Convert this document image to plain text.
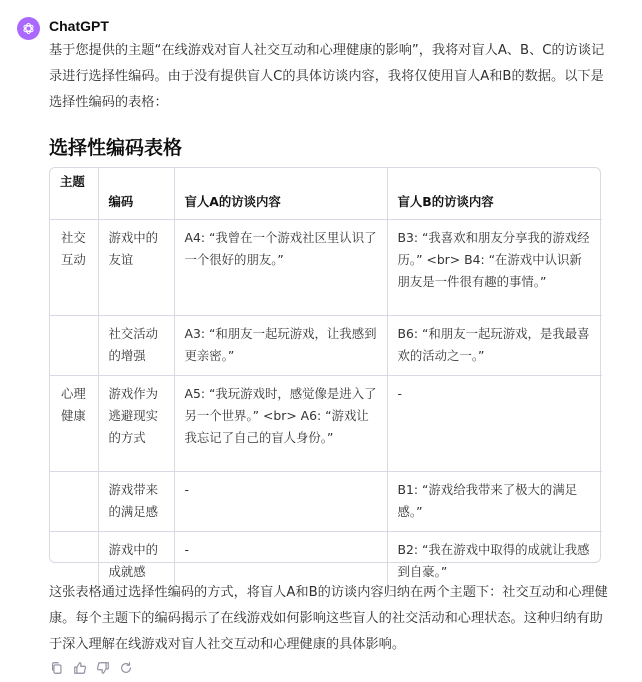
ChatGPT
基于您提供的主题“在线游戏对盲人社交互动和心理健康的影响”，我将对盲人A、B、C的访谈记录进行选择性编码。由于没有提供盲人C的具体访谈内容，我将仅使用盲人A和B的数据。以下是选择性编码的表格：
选择性编码表格
主题	编码	盲人A的访谈内容	盲人B的访谈内容
社交互动	游戏中的友谊	A4: “我曾在一个游戏社区里认识了一个很好的朋友。”	B3: “我喜欢和朋友分享我的游戏经历。” <br> B4: “在游戏中认识新朋友是一件很有趣的事情。”
	社交活动的增强	A3: “和朋友一起玩游戏，让我感到更亲密。”	B6: “和朋友一起玩游戏，是我最喜欢的活动之一。”
心理健康	游戏作为逃避现实的方式	A5: “我玩游戏时，感觉像是进入了另一个世界。” <br> A6: “游戏让我忘记了自己的盲人身份。”	-
	游戏带来的满足感	-	B1: “游戏给我带来了极大的满足感。”
	游戏中的成就感	-	B2: “我在游戏中取得的成就让我感到自豪。”
这张表格通过选择性编码的方式，将盲人A和B的访谈内容归纳在两个主题下：社交互动和心理健康。每个主题下的编码揭示了在线游戏如何影响这些盲人的社交活动和心理状态。这种归纳有助于深入理解在线游戏对盲人社交互动和心理健康的具体影响。
